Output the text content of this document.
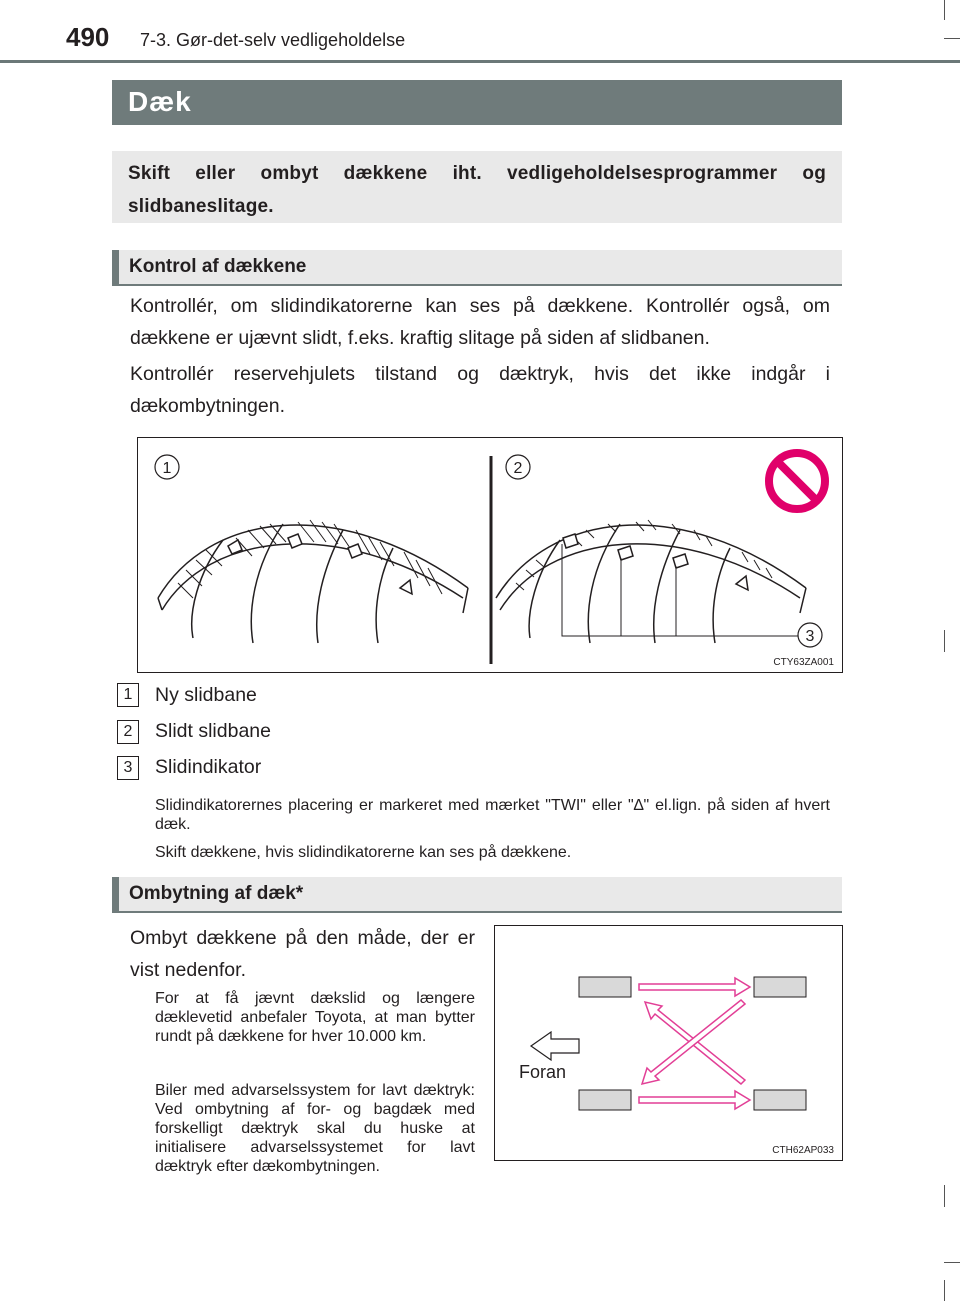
490 7-3. Gør-det-selv vedligeholdelse
Dæk
Skift eller ombyt dækkene iht. vedligeholdelsesprogrammer og slidbaneslitage.
Kontrol af dækkene
Kontrollér, om slidindikatorerne kan ses på dækkene. Kontrollér også, om dækkene er ujævnt slidt, f.eks. kraftig slitage på siden af slidbanen.
Kontrollér reservehjulets tilstand og dæktryk, hvis det ikke indgår i dækombytningen.
1	2
3
CTY63ZA001
1	Ny slidbane
2	Slidt slidbane
3	Slidindikator
Slidindikatorernes placering er markeret med mærket "TWI" eller "∆" el.lign. på siden af hvert dæk.
Skift dækkene, hvis slidindikatorerne kan ses på dækkene.
Ombytning af dæk*
Ombyt dækkene på den måde, der er vist nedenfor.
For at få jævnt dækslid og længere dæklevetid anbefaler Toyota, at man bytter rundt på dækkene for hver 10.000 km.
Biler med advarselssystem for lavt dæktryk: Ved ombytning af for- og bagdæk med forskelligt dæktryk skal du huske at initialisere advarselssystemet for lavt dæktryk efter dækombytningen.
Foran
CTH62AP033
